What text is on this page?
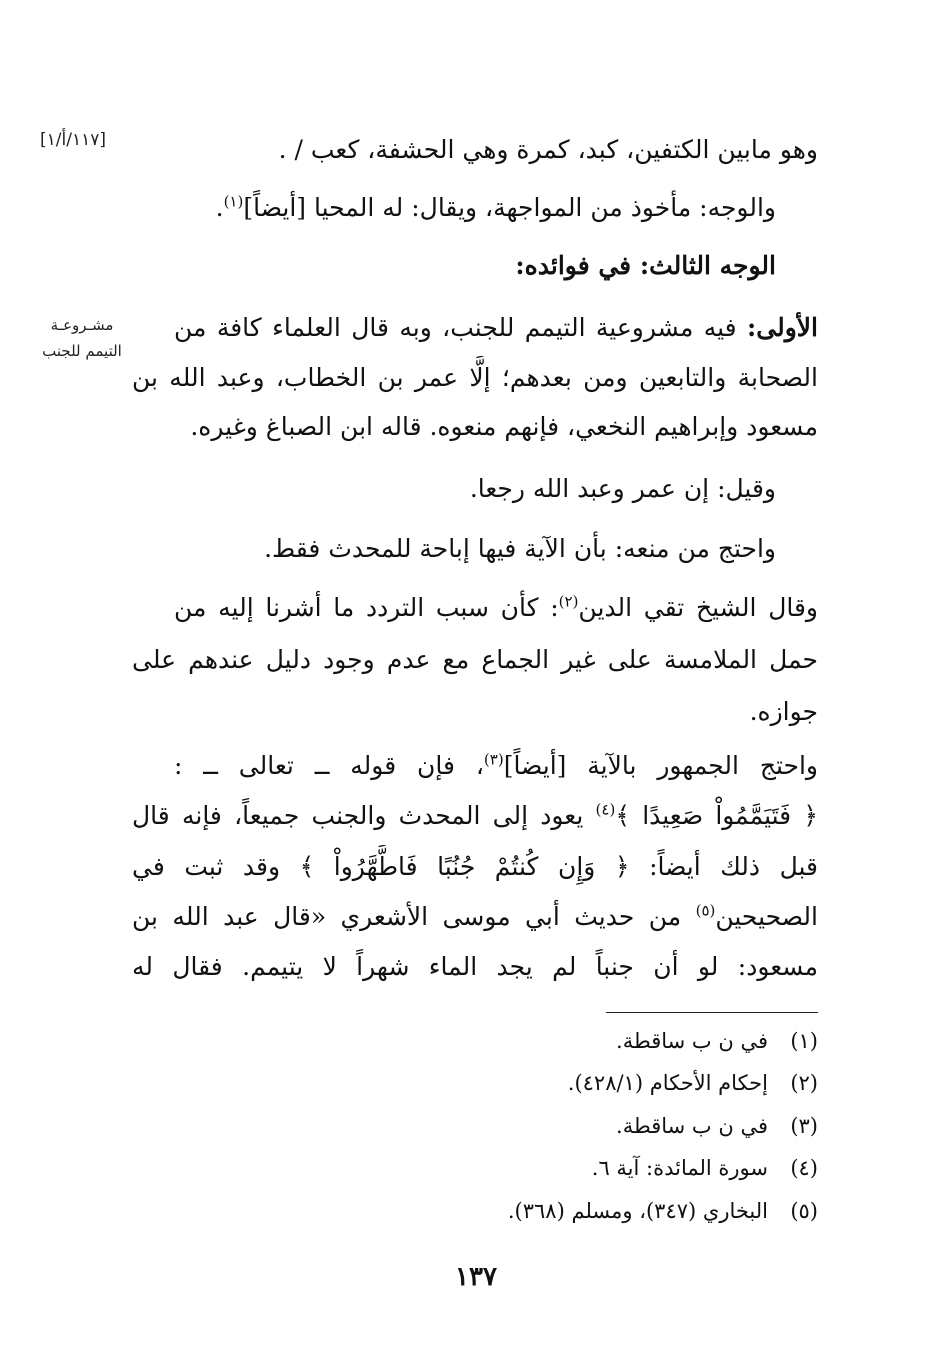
[١١٧/أ/١]
مشـروعـة التيمم للجنب
وهو مابين الكتفين، كبد، كمرة وهي الحشفة، كعب / .
والوجه: مأخوذ من المواجهة، ويقال: له المحيا [أيضاً]$^{(١)}$.
الوجه الثالث: في فوائده:
الأولى: فيه مشروعية التيمم للجنب، وبه قال العلماء كافة من
الصحابة والتابعين ومن بعدهم؛ إلَّا عمر بن الخطاب، وعبد الله بن
مسعود وإبراهيم النخعي، فإنهم منعوه. قاله ابن الصباغ وغيره.
وقيل: إن عمر وعبد الله رجعا.
واحتج من منعه: بأن الآية فيها إباحة للمحدث فقط.
وقال الشيخ تقي الدين$^{(٢)}$: كأن سبب التردد ما أشرنا إليه من
حمل الملامسة على غير الجماع مع عدم وجود دليل عندهم على
جوازه.
واحتج الجمهور بالآية [أيضاً]$^{(٣)}$، فإن قوله ــ تعالى ــ :
﴿ فَتَيَمَّمُواْ صَعِيدًا ﴾$^{(٤)}$ يعود إلى المحدث والجنب جميعاً، فإنه قال
قبل ذلك أيضاً: ﴿ وَإِن كُنتُمْ جُنُبًا فَاطَّهَّرُواْ ﴾ وقد ثبت في
الصحيحين$^{(٥)}$ من حديث أبي موسى الأشعري «قال عبد الله بن
مسعود: لو أن جنباً لم يجد الماء شهراً لا يتيمم. فقال له
(١)في ن ب ساقطة.
(٢)إحكام الأحكام (٤٢٨/١).
(٣)في ن ب ساقطة.
(٤)سورة المائدة: آية ٦.
(٥)البخاري (٣٤٧)، ومسلم (٣٦٨).
١٣٧
